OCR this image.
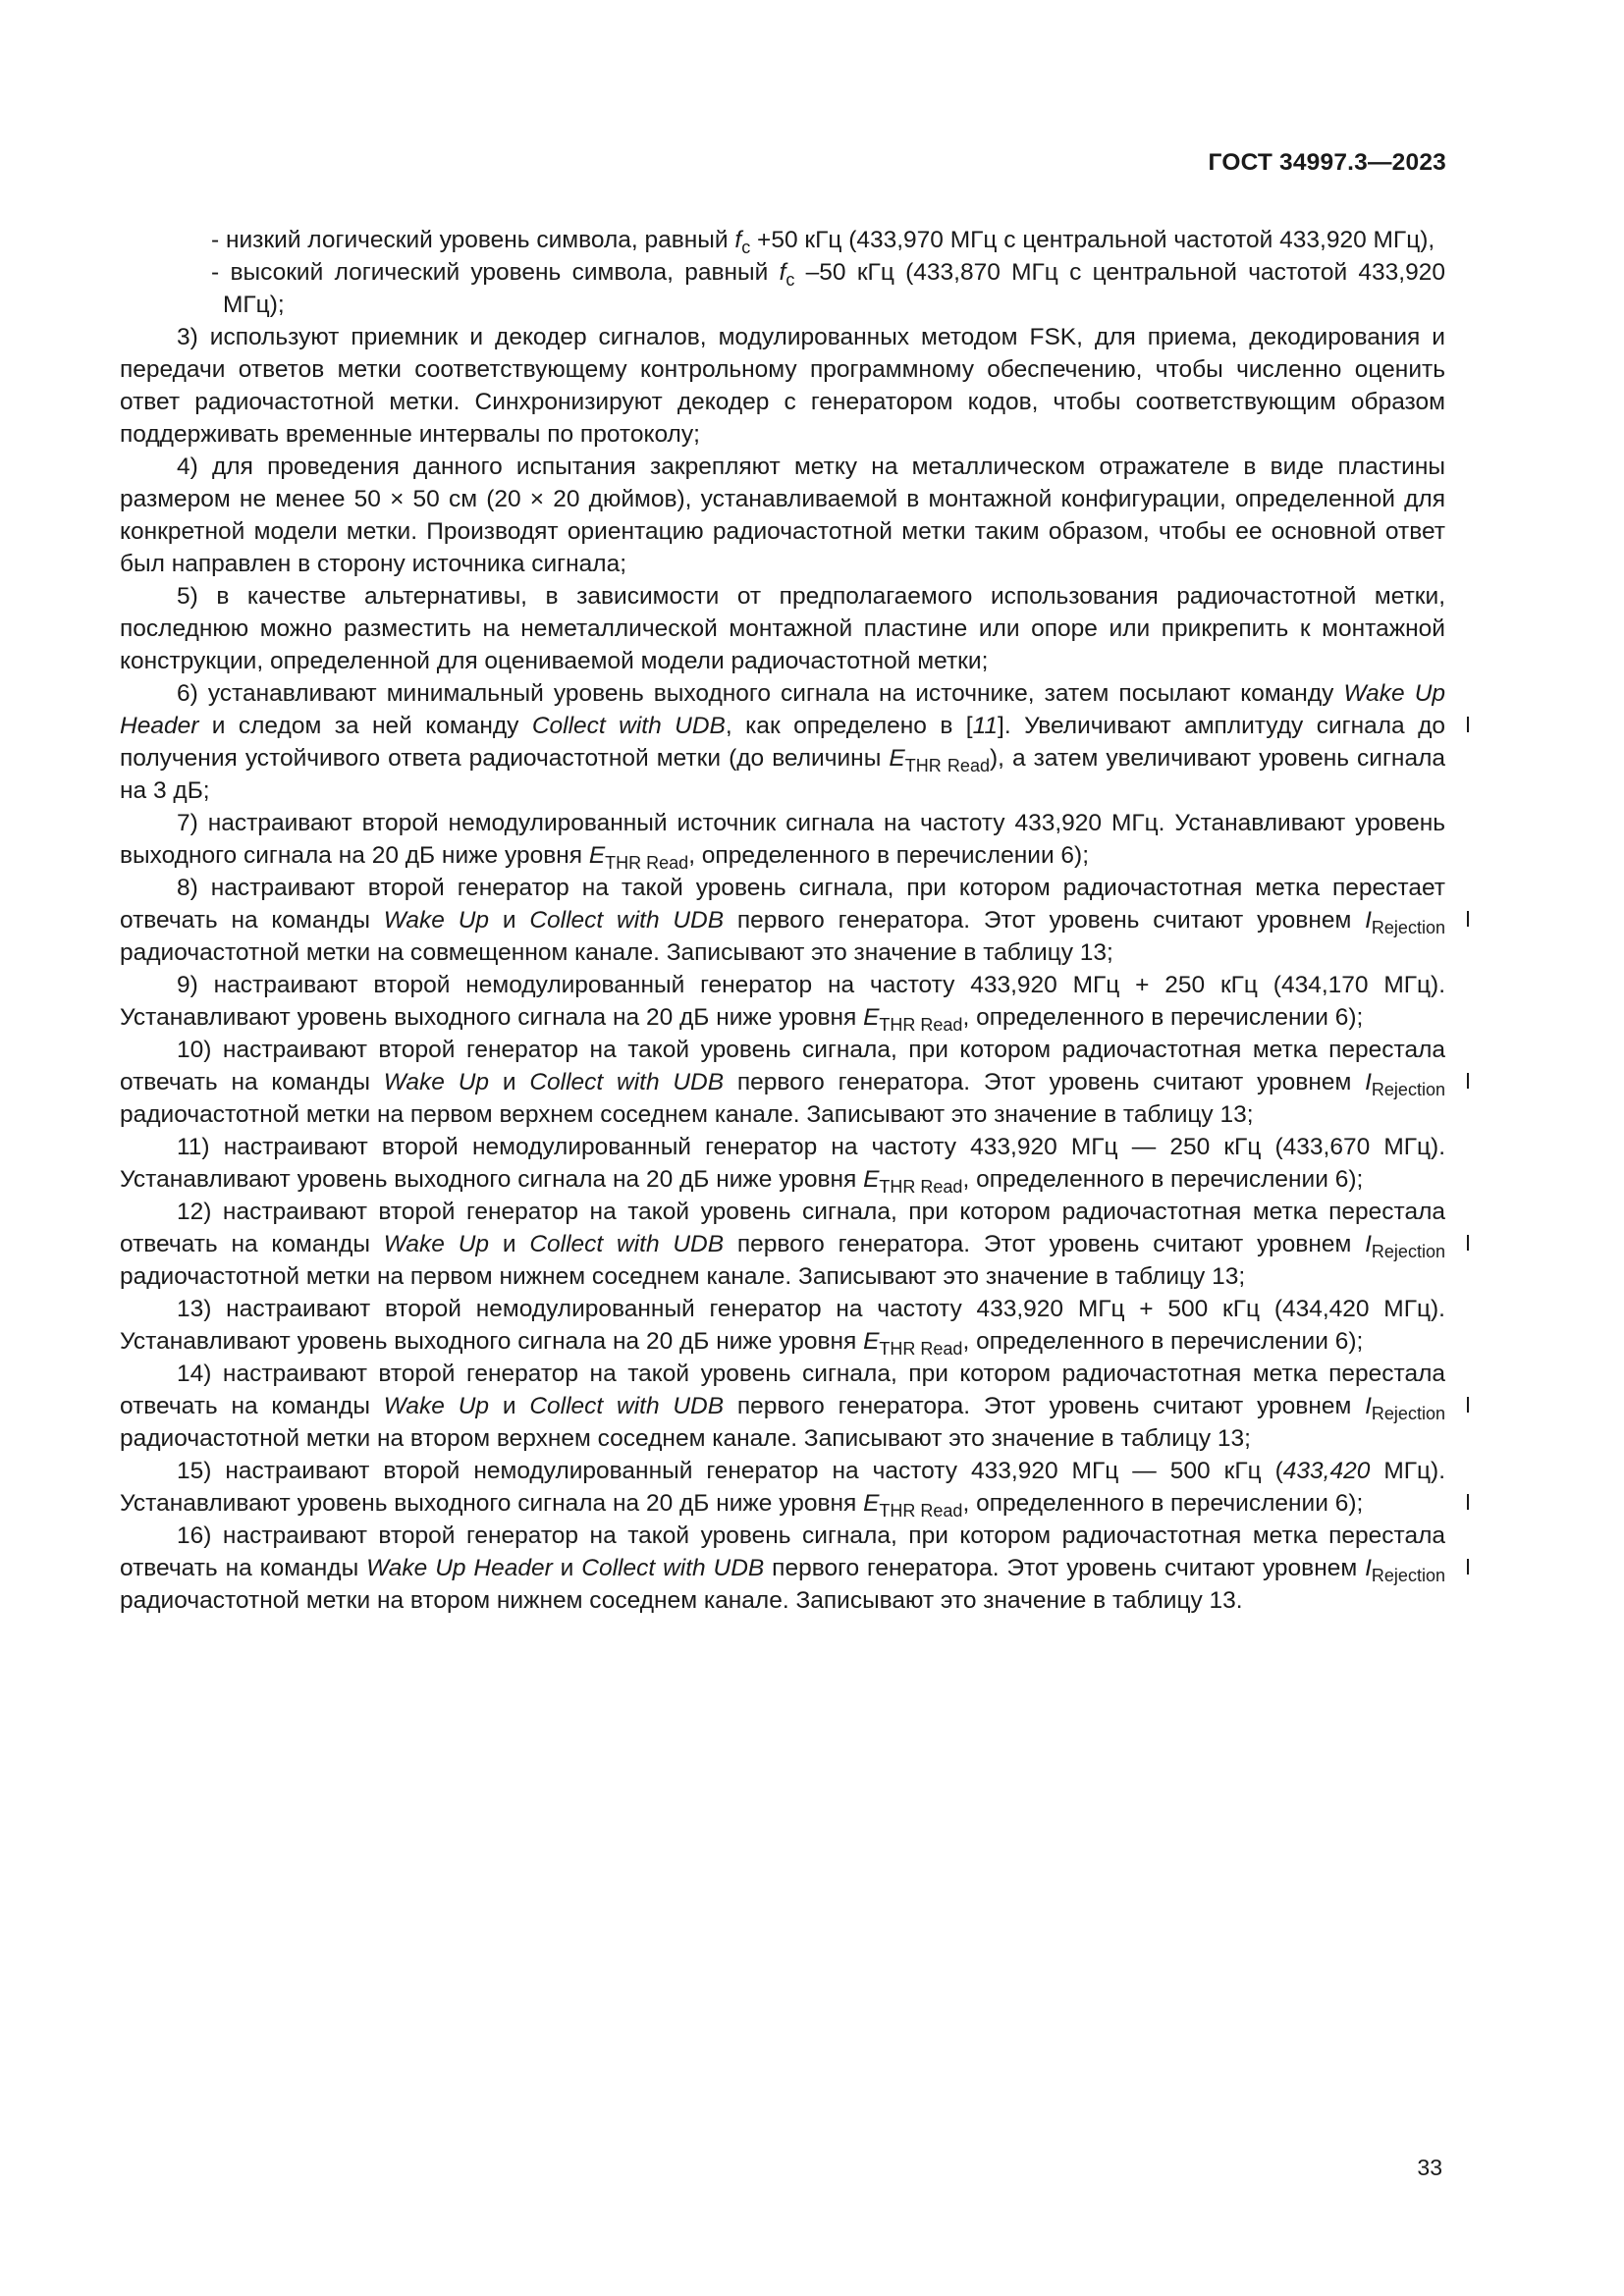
ГОСТ 34997.3—2023

- низкий логический уровень символа, равный $f_c +50$ кГц (433,970 МГц с центральной частотой 433,920 МГц),

- высокий логический уровень символа, равный $f_c$ –50 кГц (433,870 МГц с центральной частотой 433,920 МГц);

3) используют приемник и декодер сигналов, модулированных методом FSK, для приема, декодирования и передачи ответов метки соответствующему контрольному программному обеспечению, чтобы численно оценить ответ радиочастотной метки. Синхронизируют декодер с генератором кодов, чтобы соответствующим образом поддерживать временные интервалы по протоколу;

4) для проведения данного испытания закрепляют метку на металлическом отражателе в виде пластины размером не менее 50 × 50 см (20 × 20 дюймов), устанавливаемой в монтажной конфигурации, определенной для конкретной модели метки. Производят ориентацию радиочастотной метки таким образом, чтобы ее основной ответ был направлен в сторону источника сигнала;

5) в качестве альтернативы, в зависимости от предполагаемого использования радиочастотной метки, последнюю можно разместить на неметаллической монтажной пластине или опоре или прикрепить к монтажной конструкции, определенной для оцениваемой модели радиочастотной метки;

6) устанавливают минимальный уровень выходного сигнала на источнике, затем посылают команду Wake Up Header и следом за ней команду Collect with UDB, как определено в [11]. Увеличивают амплитуду сигнала до получения устойчивого ответа радиочастотной метки (до величины $E_{THR Read}$), а затем увеличивают уровень сигнала на 3 дБ;

7) настраивают второй немодулированный источник сигнала на частоту 433,920 МГц. Устанавливают уровень выходного сигнала на 20 дБ ниже уровня $E_{THR Read}$, определенного в перечислении 6);

8) настраивают второй генератор на такой уровень сигнала, при котором радиочастотная метка перестает отвечать на команды Wake Up и Collect with UDB первого генератора. Этот уровень считают уровнем $I_{Rejection}$ радиочастотной метки на совмещенном канале. Записывают это значение в таблицу 13;

9) настраивают второй немодулированный генератор на частоту 433,920 МГц + 250 кГц (434,170 МГц). Устанавливают уровень выходного сигнала на 20 дБ ниже уровня $E_{THR Read}$, определенного в перечислении 6);

10) настраивают второй генератор на такой уровень сигнала, при котором радиочастотная метка перестала отвечать на команды Wake Up и Collect with UDB первого генератора. Этот уровень считают уровнем $I_{Rejection}$ радиочастотной метки на первом верхнем соседнем канале. Записывают это значение в таблицу 13;

11) настраивают второй немодулированный генератор на частоту 433,920 МГц — 250 кГц (433,670 МГц). Устанавливают уровень выходного сигнала на 20 дБ ниже уровня $E_{THR Read}$, определенного в перечислении 6);

12) настраивают второй генератор на такой уровень сигнала, при котором радиочастотная метка перестала отвечать на команды Wake Up и Collect with UDB первого генератора. Этот уровень считают уровнем $I_{Rejection}$ радиочастотной метки на первом нижнем соседнем канале. Записывают это значение в таблицу 13;

13) настраивают второй немодулированный генератор на частоту 433,920 МГц + 500 кГц (434,420 МГц). Устанавливают уровень выходного сигнала на 20 дБ ниже уровня $E_{THR Read}$, определенного в перечислении 6);

14) настраивают второй генератор на такой уровень сигнала, при котором радиочастотная метка перестала отвечать на команды Wake Up и Collect with UDB первого генератора. Этот уровень считают уровнем $I_{Rejection}$ радиочастотной метки на втором верхнем соседнем канале. Записывают это значение в таблицу 13;

15) настраивают второй немодулированный генератор на частоту 433,920 МГц — 500 кГц (433,420 МГц). Устанавливают уровень выходного сигнала на 20 дБ ниже уровня $E_{THR Read}$, определенного в перечислении 6);

16) настраивают второй генератор на такой уровень сигнала, при котором радиочастотная метка перестала отвечать на команды Wake Up Header и Collect with UDB первого генератора. Этот уровень считают уровнем $I_{Rejection}$ радиочастотной метки на втором нижнем соседнем канале. Записывают это значение в таблицу 13.

33
